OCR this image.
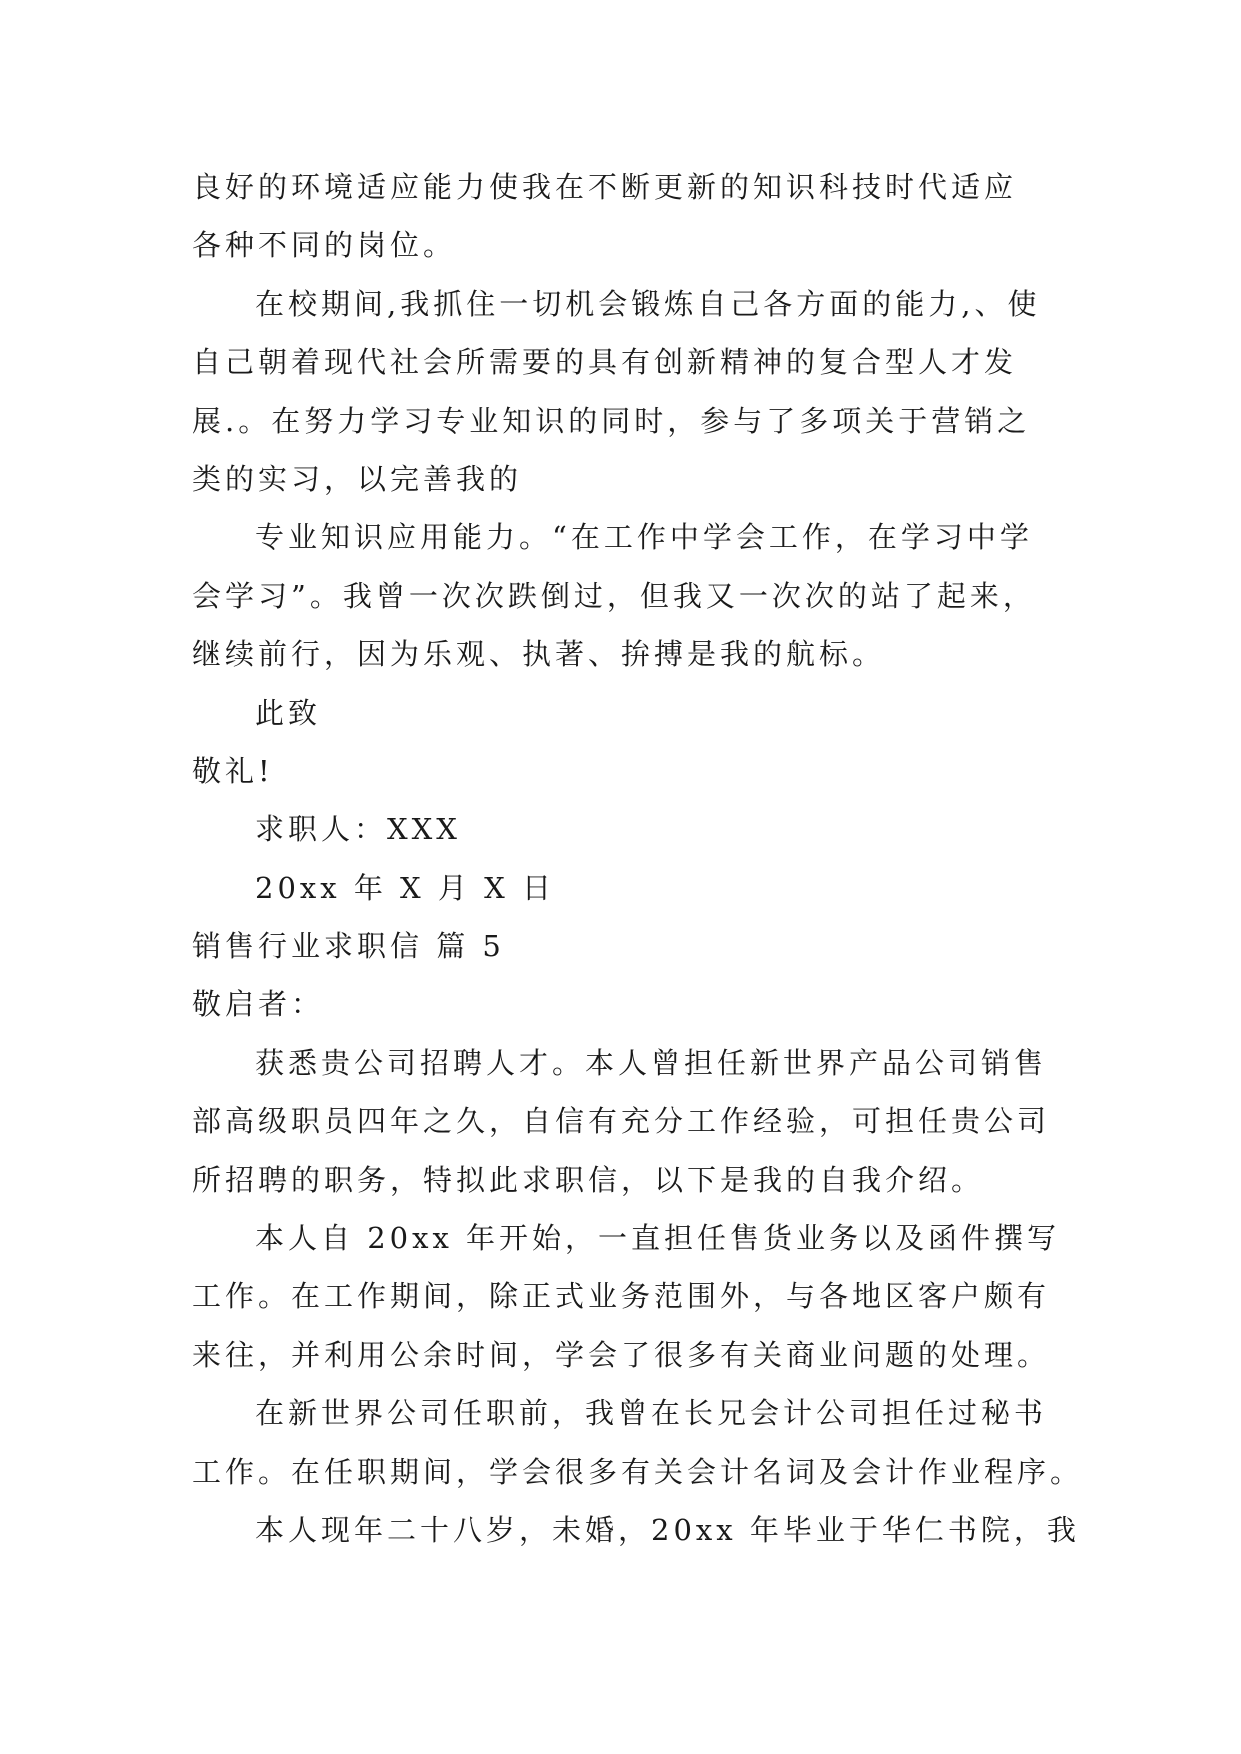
良好的环境适应能力使我在不断更新的知识科技时代适应
各种不同的岗位。
在校期间,我抓住一切机会锻炼自己各方面的能力,、使
自己朝着现代社会所需要的具有创新精神的复合型人才发
展.。在努力学习专业知识的同时，参与了多项关于营销之
类的实习，以完善我的
专业知识应用能力。“在工作中学会工作，在学习中学
会学习”。我曾一次次跌倒过，但我又一次次的站了起来，
继续前行，因为乐观、执著、拚搏是我的航标。
此致
敬礼!
求职人：XXX
20xx 年 X 月 X 日
销售行业求职信 篇 5
敬启者：
获悉贵公司招聘人才。本人曾担任新世界产品公司销售
部高级职员四年之久，自信有充分工作经验，可担任贵公司
所招聘的职务，特拟此求职信，以下是我的自我介绍。
本人自 20xx 年开始，一直担任售货业务以及函件撰写
工作。在工作期间，除正式业务范围外，与各地区客户颇有
来往，并利用公余时间，学会了很多有关商业问题的处理。
在新世界公司任职前，我曾在长兄会计公司担任过秘书
工作。在任职期间，学会很多有关会计名词及会计作业程序。
本人现年二十八岁，未婚，20xx 年毕业于华仁书院，我
